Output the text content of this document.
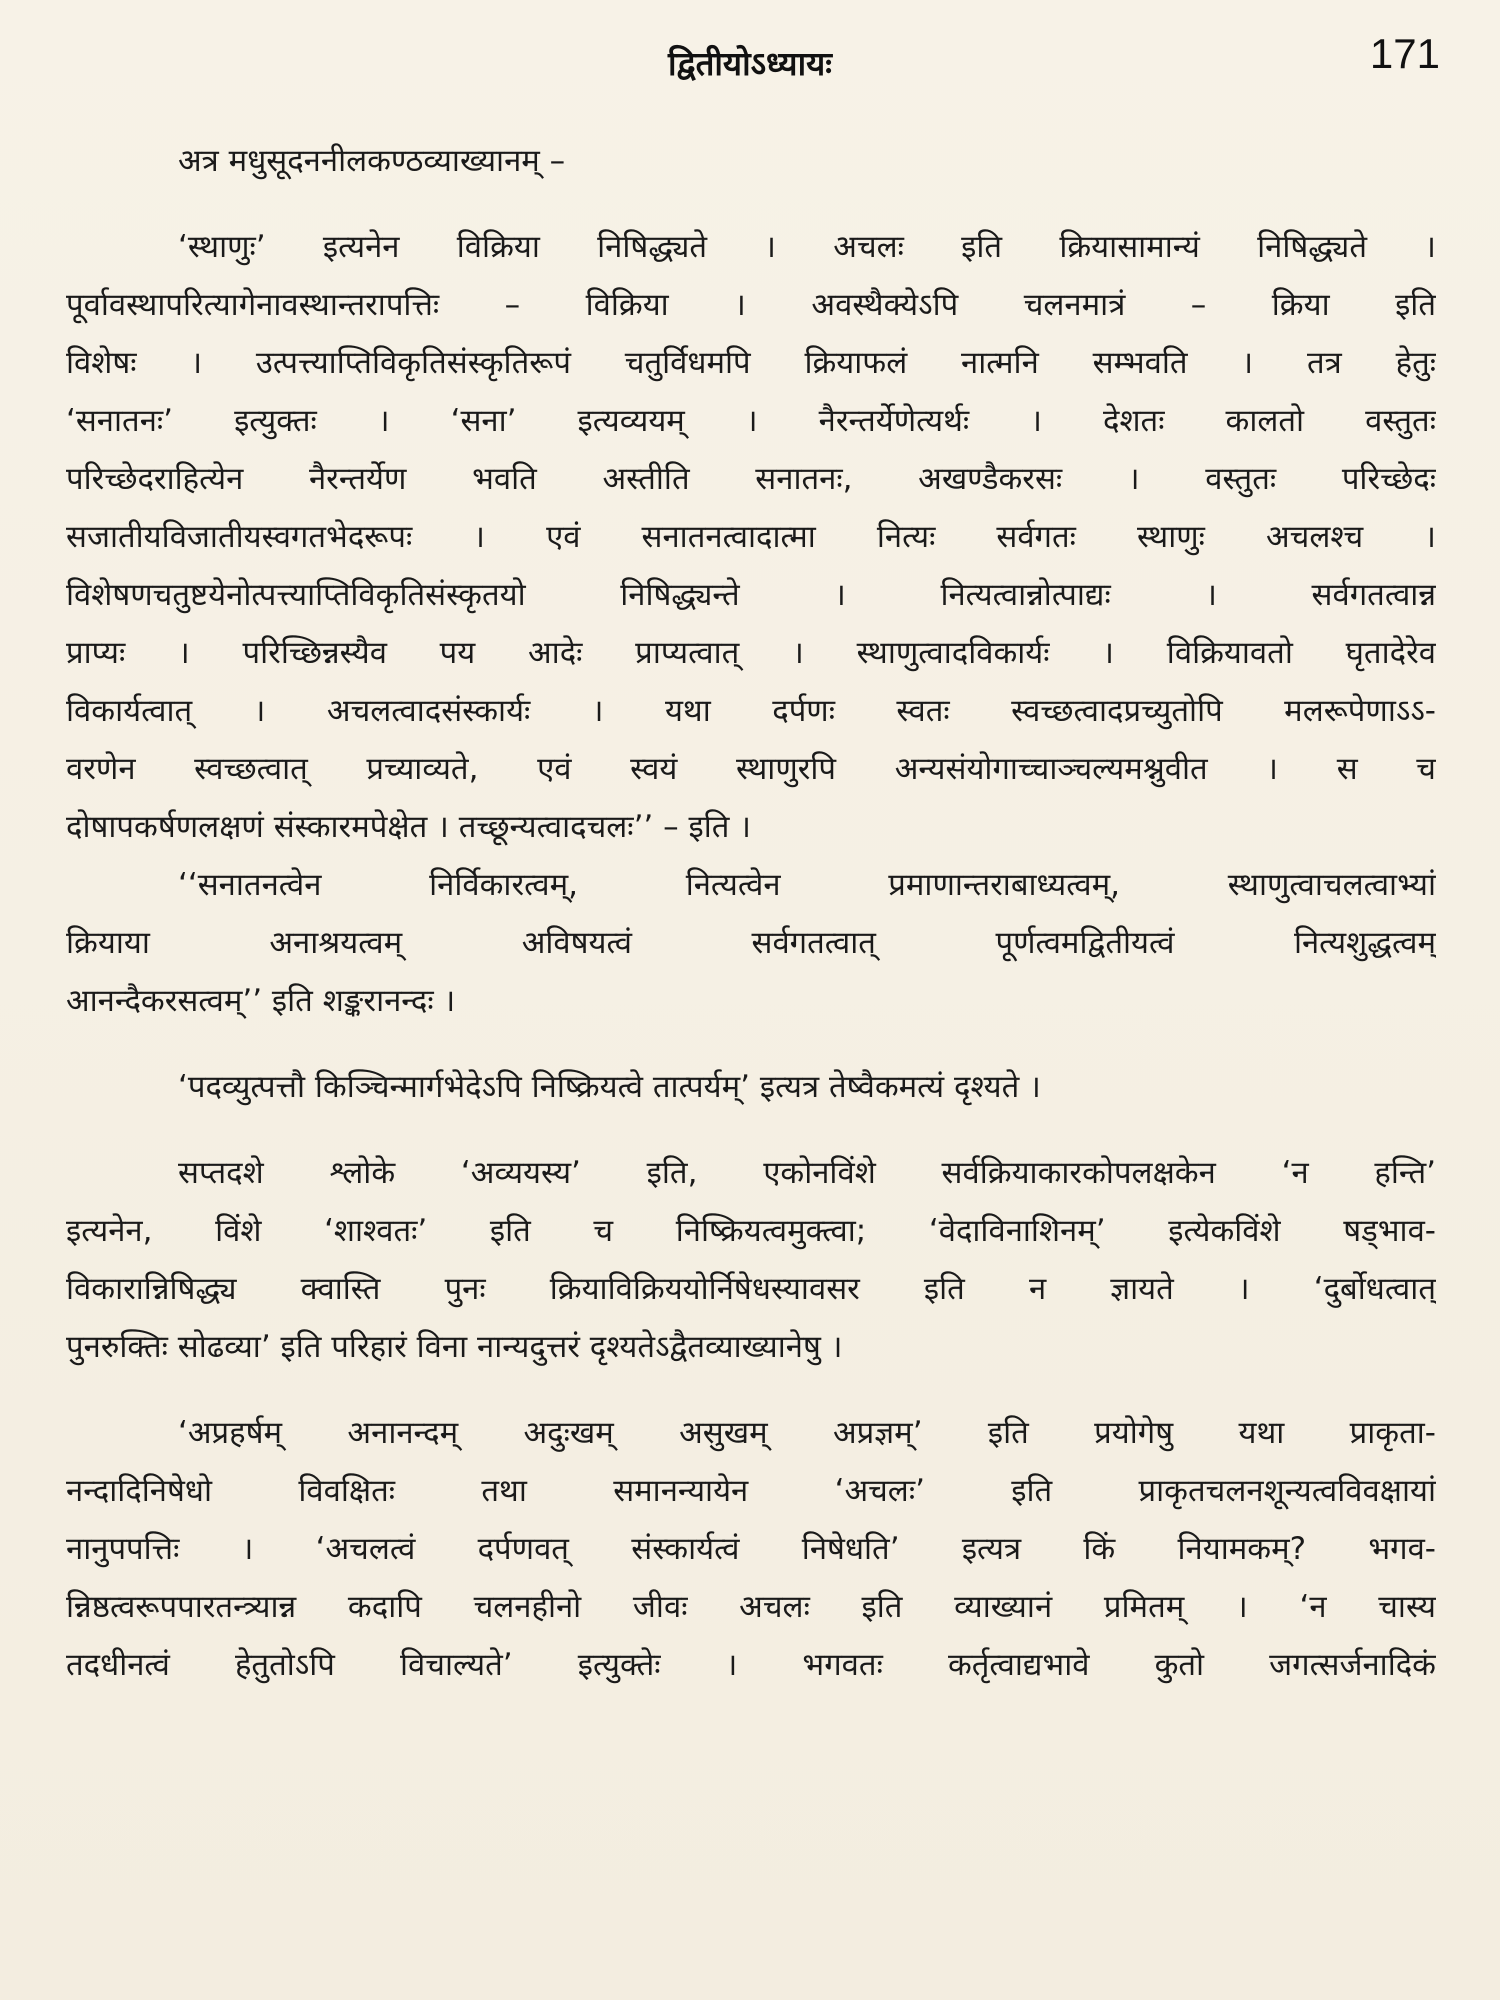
द्वितीयोऽध्यायः	171
अत्र मधुसूदननीलकण्ठव्याख्यानम् –
‘स्थाणुः’ इत्यनेन विक्रिया निषिद्ध्यते । अचलः इति क्रियासामान्यं निषिद्ध्यते ।
पूर्वावस्थापरित्यागेनावस्थान्तरापत्तिः – विक्रिया । अवस्थैक्येऽपि चलनमात्रं – क्रिया इति
विशेषः । उत्पत्त्याप्तिविकृतिसंस्कृतिरूपं चतुर्विधमपि क्रियाफलं नात्मनि सम्भवति । तत्र हेतुः
‘सनातनः’ इत्युक्तः । ‘सना’ इत्यव्ययम् । नैरन्तर्येणेत्यर्थः । देशतः कालतो वस्तुतः
परिच्छेदराहित्येन नैरन्तर्येण भवति अस्तीति सनातनः, अखण्डैकरसः । वस्तुतः परिच्छेदः
सजातीयविजातीयस्वगतभेदरूपः । एवं सनातनत्वादात्मा नित्यः सर्वगतः स्थाणुः अचलश्च ।
विशेषणचतुष्टयेनोत्पत्त्याप्तिविकृतिसंस्कृतयो निषिद्ध्यन्ते । नित्यत्वान्नोत्पाद्यः । सर्वगतत्वान्न
प्राप्यः । परिच्छिन्नस्यैव पय आदेः प्राप्यत्वात् । स्थाणुत्वादविकार्यः । विक्रियावतो घृतादेरेव
विकार्यत्वात् । अचलत्वादसंस्कार्यः । यथा दर्पणः स्वतः स्वच्छत्वादप्रच्युतोपि मलरूपेणाऽऽ-
वरणेन स्वच्छत्वात् प्रच्याव्यते, एवं स्वयं स्थाणुरपि अन्यसंयोगाच्चाञ्चल्यमश्नुवीत । स च
दोषापकर्षणलक्षणं संस्कारमपेक्षेत । तच्छून्यत्वादचलः’’ – इति ।
‘‘सनातनत्वेन निर्विकारत्वम्, नित्यत्वेन प्रमाणान्तराबाध्यत्वम्, स्थाणुत्वाचलत्वाभ्यां
क्रियाया अनाश्रयत्वम् अविषयत्वं सर्वगतत्वात् पूर्णत्वमद्वितीयत्वं नित्यशुद्धत्वम्
आनन्दैकरसत्वम्’’ इति शङ्करानन्दः ।
‘पदव्युत्पत्तौ किञ्चिन्मार्गभेदेऽपि निष्क्रियत्वे तात्पर्यम्’ इत्यत्र तेष्वैकमत्यं दृश्यते ।
सप्तदशे श्लोके ‘अव्ययस्य’ इति, एकोनविंशे सर्वक्रियाकारकोपलक्षकेन ‘न हन्ति’
इत्यनेन, विंशे ‘शाश्वतः’ इति च निष्क्रियत्वमुक्त्वा; ‘वेदाविनाशिनम्’ इत्येकविंशे षड्भाव-
विकारान्निषिद्ध्य क्वास्ति पुनः क्रियाविक्रिययोर्निषेधस्यावसर इति न ज्ञायते । ‘दुर्बोधत्वात्
पुनरुक्तिः सोढव्या’ इति परिहारं विना नान्यदुत्तरं दृश्यतेऽद्वैतव्याख्यानेषु ।
‘अप्रहर्षम् अनानन्दम् अदुःखम् असुखम् अप्रज्ञम्’ इति प्रयोगेषु यथा प्राकृता-
नन्दादिनिषेधो विवक्षितः तथा समानन्यायेन ‘अचलः’ इति प्राकृतचलनशून्यत्वविवक्षायां
नानुपपत्तिः । ‘अचलत्वं दर्पणवत् संस्कार्यत्वं निषेधति’ इत्यत्र किं नियामकम्? भगव-
न्निष्ठत्वरूपपारतन्त्र्यान्न कदापि चलनहीनो जीवः अचलः इति व्याख्यानं प्रमितम् । ‘न चास्य
तदधीनत्वं हेतुतोऽपि विचाल्यते’ इत्युक्तेः । भगवतः कर्तृत्वाद्यभावे कुतो जगत्सर्जनादिकं
